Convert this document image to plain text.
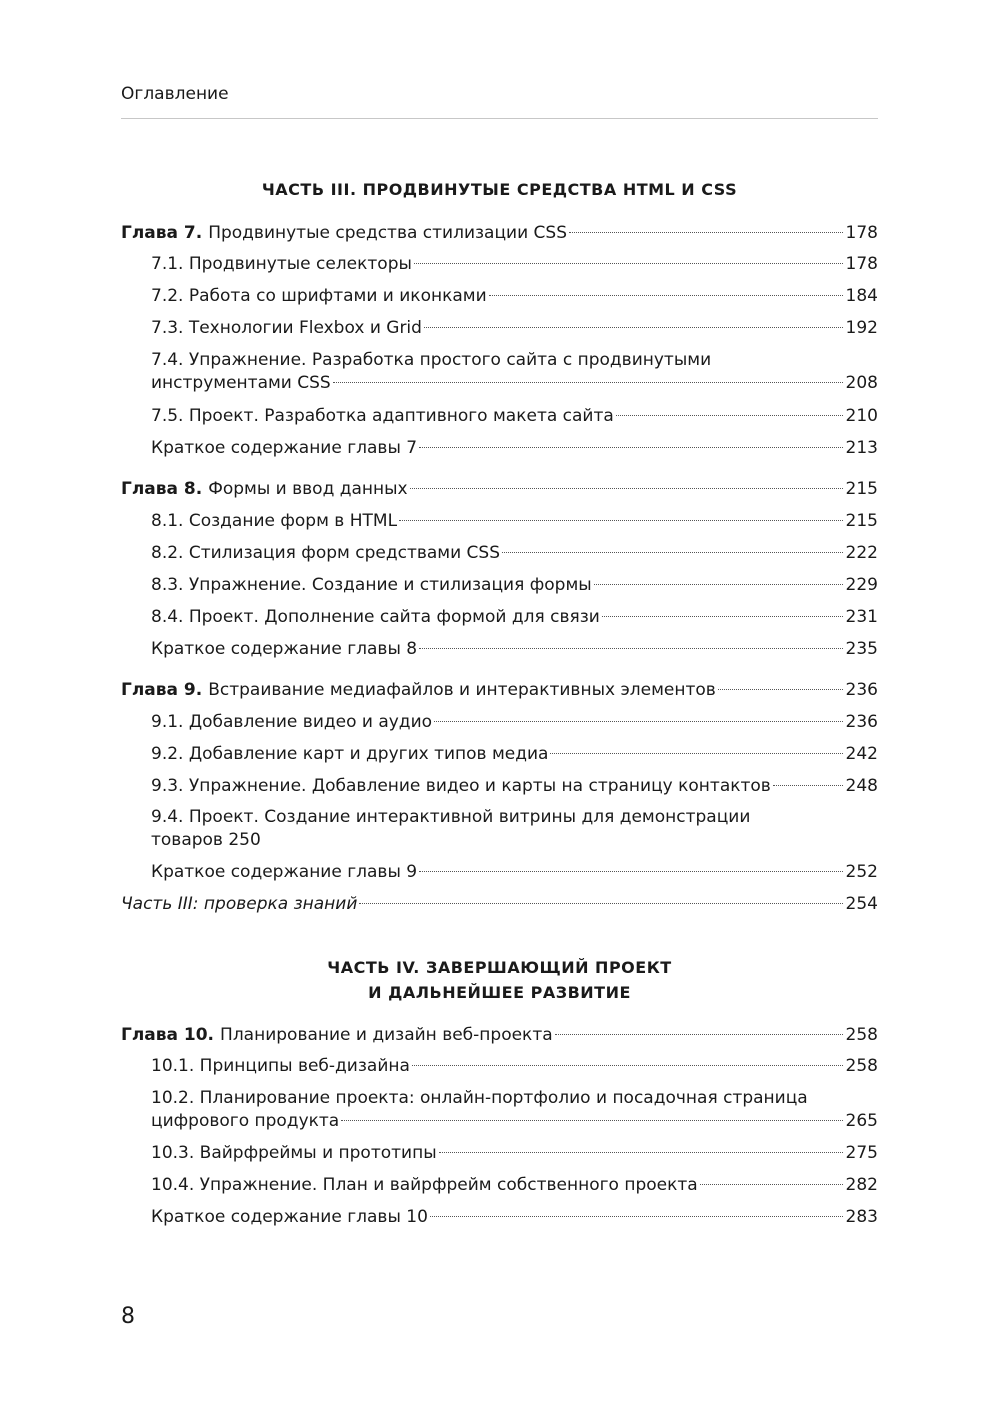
Оглавление
ЧАСТЬ III. ПРОДВИНУТЫЕ СРЕДСТВА HTML И CSS
Глава 7. Продвинутые средства стилизации CSS	178
7.1. Продвинутые селекторы	178
7.2. Работа со шрифтами и иконками	184
7.3. Технологии Flexbox и Grid	192
7.4. Упражнение. Разработка простого сайта с продвинутыми
инструментами CSS	208
7.5. Проект. Разработка адаптивного макета сайта	210
Краткое содержание главы 7	213
Глава 8. Формы и ввод данных	215
8.1. Создание форм в HTML	215
8.2. Стилизация форм средствами CSS	222
8.3. Упражнение. Создание и стилизация формы	229
8.4. Проект. Дополнение сайта формой для связи	231
Краткое содержание главы 8	235
Глава 9. Встраивание медиафайлов и интерактивных элементов	236
9.1. Добавление видео и аудио	236
9.2. Добавление карт и других типов медиа	242
9.3. Упражнение. Добавление видео и карты на страницу контактов	248
9.4. Проект. Создание интерактивной витрины для демонстрации
товаров 250
Краткое содержание главы 9	252
Часть III: проверка знаний	254
ЧАСТЬ IV. ЗАВЕРШАЮЩИЙ ПРОЕКТ
И ДАЛЬНЕЙШЕЕ РАЗВИТИЕ
Глава 10. Планирование и дизайн веб-проекта	258
10.1. Принципы веб-дизайна	258
10.2. Планирование проекта: онлайн-портфолио и посадочная страница
цифрового продукта	265
10.3. Вайрфреймы и прототипы	275
10.4. Упражнение. План и вайрфрейм собственного проекта	282
Краткое содержание главы 10	283
8
